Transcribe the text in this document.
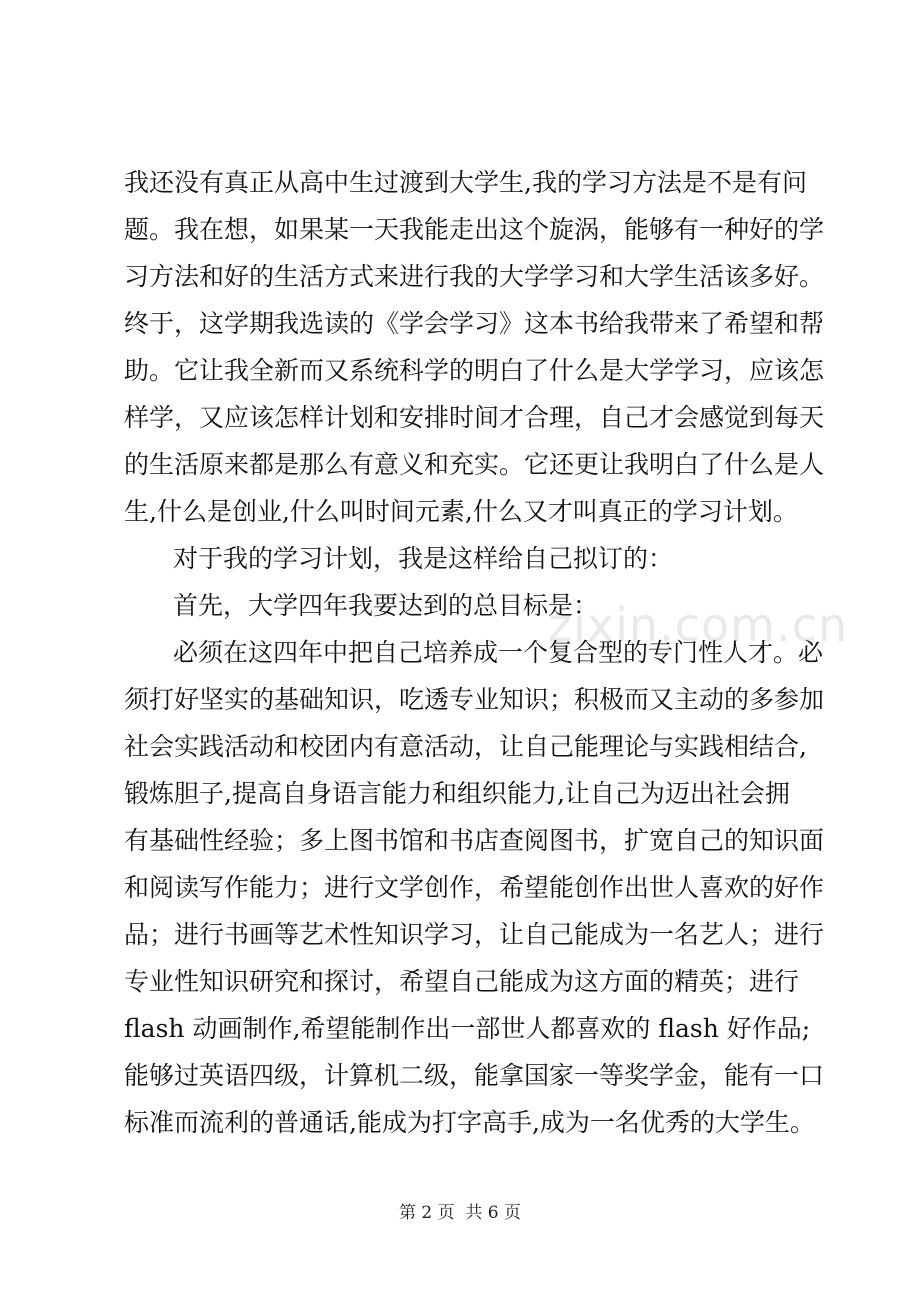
zixin.com.cn
我还没有真正从高中生过渡到大学生,我的学习方法是不是有问
题。我在想，如果某一天我能走出这个旋涡，能够有一种好的学
习方法和好的生活方式来进行我的大学学习和大学生活该多好。
终于，这学期我选读的《学会学习》这本书给我带来了希望和帮
助。它让我全新而又系统科学的明白了什么是大学学习，应该怎
样学，又应该怎样计划和安排时间才合理，自己才会感觉到每天
的生活原来都是那么有意义和充实。它还更让我明白了什么是人
生,什么是创业,什么叫时间元素,什么又才叫真正的学习计划。
对于我的学习计划，我是这样给自己拟订的：
首先，大学四年我要达到的总目标是：
必须在这四年中把自己培养成一个复合型的专门性人才。必
须打好坚实的基础知识，吃透专业知识；积极而又主动的多参加
社会实践活动和校团内有意活动，让自己能理论与实践相结合,
锻炼胆子,提高自身语言能力和组织能力,让自己为迈出社会拥
有基础性经验；多上图书馆和书店查阅图书，扩宽自己的知识面
和阅读写作能力；进行文学创作，希望能创作出世人喜欢的好作
品；进行书画等艺术性知识学习，让自己能成为一名艺人；进行
专业性知识研究和探讨，希望自己能成为这方面的精英；进行
flash 动画制作,希望能制作出一部世人都喜欢的 flash 好作品;
能够过英语四级，计算机二级，能拿国家一等奖学金，能有一口
标准而流利的普通话,能成为打字高手,成为一名优秀的大学生。
第 2 页 共 6 页
